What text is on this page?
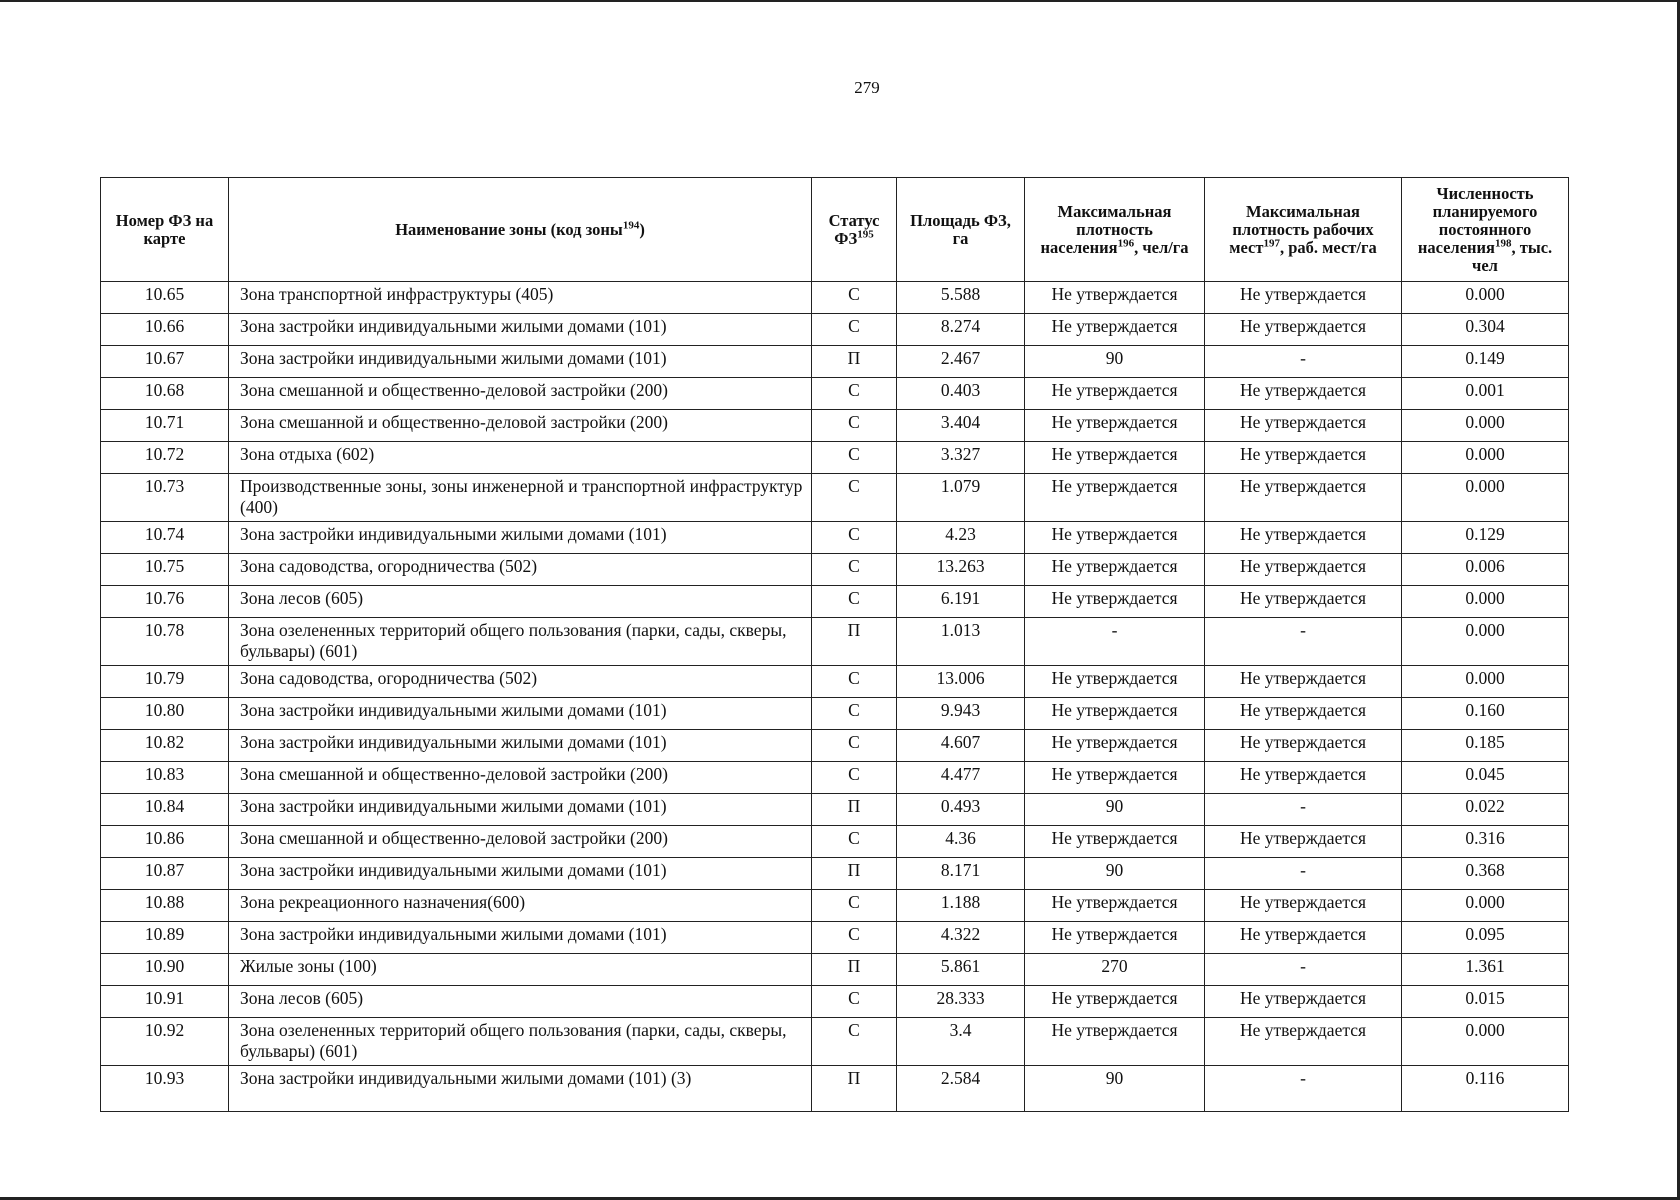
279
Номер ФЗ на карте	Наименование зоны (код зоны$^{194}$)	Статус ФЗ$^{195}$	Площадь ФЗ, га	Максимальная плотность населения$^{196}$, чел/га	Максимальная плотность рабочих мест$^{197}$, раб. мест/га	Численность планируемого постоянного населения$^{198}$, тыс. чел
10.65	Зона транспортной инфраструктуры (405)	С	5.588	Не утверждается	Не утверждается	0.000
10.66	Зона застройки индивидуальными жилыми домами (101)	С	8.274	Не утверждается	Не утверждается	0.304
10.67	Зона застройки индивидуальными жилыми домами (101)	П	2.467	90	-	0.149
10.68	Зона смешанной и общественно-деловой застройки (200)	С	0.403	Не утверждается	Не утверждается	0.001
10.71	Зона смешанной и общественно-деловой застройки (200)	С	3.404	Не утверждается	Не утверждается	0.000
10.72	Зона отдыха (602)	С	3.327	Не утверждается	Не утверждается	0.000
10.73	Производственные зоны, зоны инженерной и транспортной инфраструктур (400)	С	1.079	Не утверждается	Не утверждается	0.000
10.74	Зона застройки индивидуальными жилыми домами (101)	С	4.23	Не утверждается	Не утверждается	0.129
10.75	Зона садоводства, огородничества (502)	С	13.263	Не утверждается	Не утверждается	0.006
10.76	Зона лесов (605)	С	6.191	Не утверждается	Не утверждается	0.000
10.78	Зона озелененных территорий общего пользования (парки, сады, скверы, бульвары) (601)	П	1.013	-	-	0.000
10.79	Зона садоводства, огородничества (502)	С	13.006	Не утверждается	Не утверждается	0.000
10.80	Зона застройки индивидуальными жилыми домами (101)	С	9.943	Не утверждается	Не утверждается	0.160
10.82	Зона застройки индивидуальными жилыми домами (101)	С	4.607	Не утверждается	Не утверждается	0.185
10.83	Зона смешанной и общественно-деловой застройки (200)	С	4.477	Не утверждается	Не утверждается	0.045
10.84	Зона застройки индивидуальными жилыми домами (101)	П	0.493	90	-	0.022
10.86	Зона смешанной и общественно-деловой застройки (200)	С	4.36	Не утверждается	Не утверждается	0.316
10.87	Зона застройки индивидуальными жилыми домами (101)	П	8.171	90	-	0.368
10.88	Зона рекреационного назначения(600)	С	1.188	Не утверждается	Не утверждается	0.000
10.89	Зона застройки индивидуальными жилыми домами (101)	С	4.322	Не утверждается	Не утверждается	0.095
10.90	Жилые зоны (100)	П	5.861	270	-	1.361
10.91	Зона лесов (605)	С	28.333	Не утверждается	Не утверждается	0.015
10.92	Зона озелененных территорий общего пользования (парки, сады, скверы, бульвары) (601)	С	3.4	Не утверждается	Не утверждается	0.000
10.93	Зона застройки индивидуальными жилыми домами (101) (3)	П	2.584	90	-	0.116
